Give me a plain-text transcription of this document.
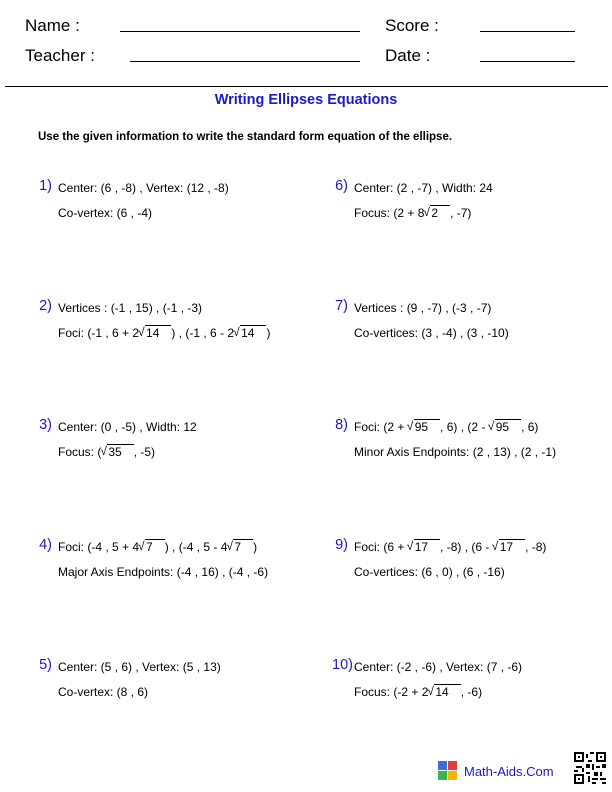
Name :	Score :
Teacher :	Date :
Writing Ellipses Equations
Use the given information to write the standard form equation of the ellipse.
1) Center: (6 , -8) , Vertex: (12 , -8)
Co-vertex: (6 , -4)
2) Vertices : (-1 , 15) , (-1 , -3)
Foci: (-1 , 6 + 2 √ 14 ) , (-1 , 6 - 2 √ 14 )
3) Center: (0 , -5) , Width: 12
Focus: ( √ 35 , -5)
4) Foci: (-4 , 5 + 4 √ 7 ) , (-4 , 5 - 4 √ 7 )
Major Axis Endpoints: (-4 , 16) , (-4 , -6)
5) Center: (5 , 6) , Vertex: (5 , 13)
Co-vertex: (8 , 6)
6) Center: (2 , -7) , Width: 24
Focus: (2 + 8 √ 2 , -7)
7) Vertices : (9 , -7) , (-3 , -7)
Co-vertices: (3 , -4) , (3 , -10)
8) Foci: (2 + √ 95 , 6) , (2 - √ 95 , 6)
Minor Axis Endpoints: (2 , 13) , (2 , -1)
9) Foci: (6 + √ 17 , -8) , (6 - √ 17 , -8)
Co-vertices: (6 , 0) , (6 , -16)
10) Center: (-2 , -6) , Vertex: (7 , -6)
Focus: (-2 + 2 √ 14 , -6)
Math-Aids.Com
